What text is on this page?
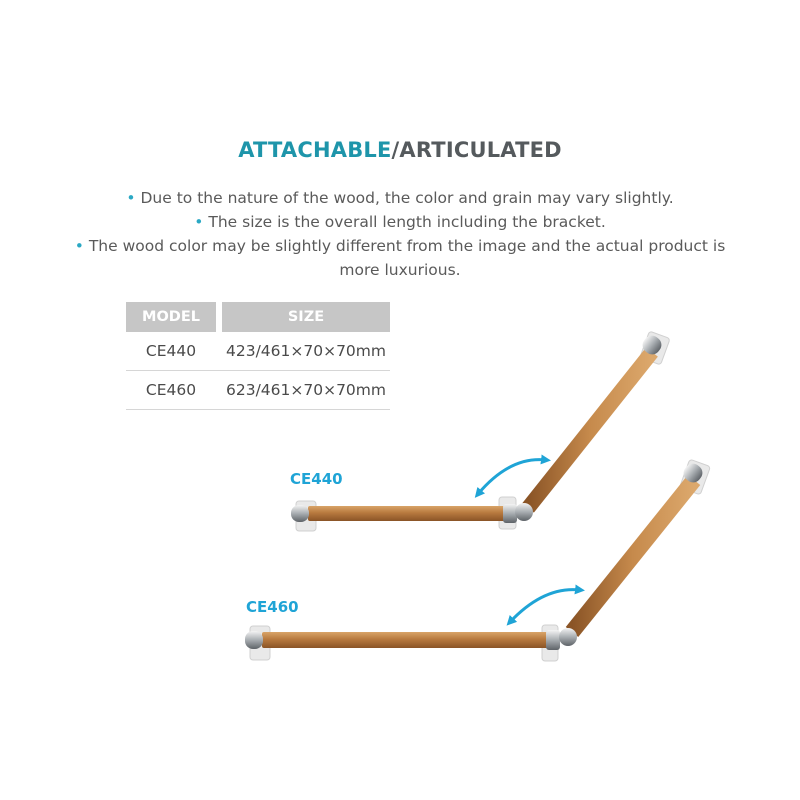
ATTACHABLE/ARTICULATED

• Due to the nature of the wood, the color and grain may vary slightly.

• The size is the overall length including the bracket.

• The wood color may be slightly different from the image and the actual product is more luxurious.

MODEL	SIZE
CE440	423/461×70×70mm
CE460	623/461×70×70mm
CE440
CE460
